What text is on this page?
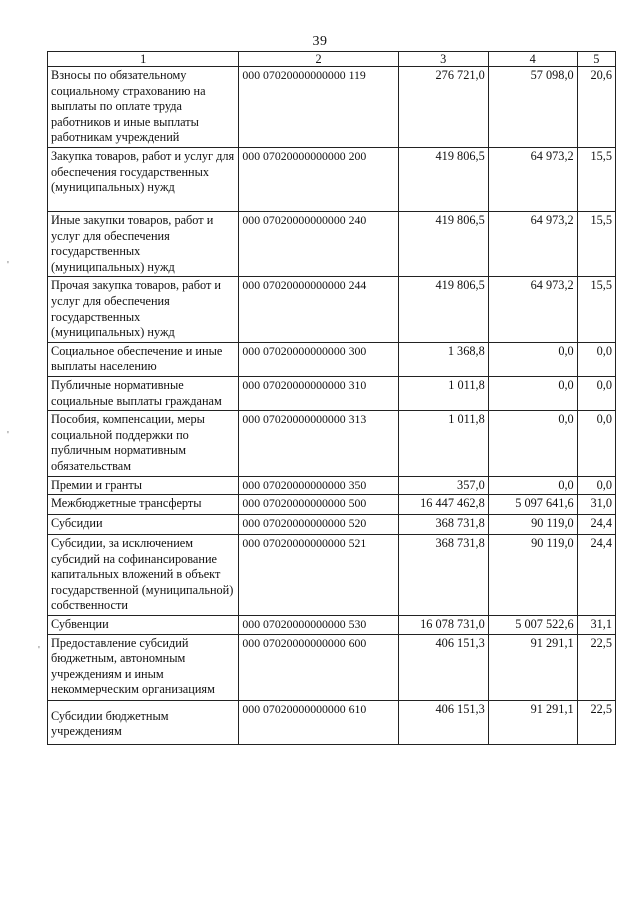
39
'
'
'
1	2	3	4	5
Взносы по обязательному социальному страхованию на выплаты по оплате труда работников и иные выплаты работникам учреждений	000 07020000000000 119	276 721,0	57 098,0	20,6
Закупка товаров, работ и услуг для обеспечения государственных (муниципальных) нужд	000 07020000000000 200	419 806,5	64 973,2	15,5
Иные закупки товаров, работ и услуг для обеспечения государственных (муниципальных) нужд	000 07020000000000 240	419 806,5	64 973,2	15,5
Прочая закупка товаров, работ и услуг для обеспечения государственных (муниципальных) нужд	000 07020000000000 244	419 806,5	64 973,2	15,5
Социальное обеспечение и иные выплаты населению	000 07020000000000 300	1 368,8	0,0	0,0
Публичные нормативные социальные выплаты гражданам	000 07020000000000 310	1 011,8	0,0	0,0
Пособия, компенсации, меры социальной поддержки по публичным нормативным обязательствам	000 07020000000000 313	1 011,8	0,0	0,0
Премии и гранты	000 07020000000000 350	357,0	0,0	0,0
Межбюджетные трансферты	000 07020000000000 500	16 447 462,8	5 097 641,6	31,0
Субсидии	000 07020000000000 520	368 731,8	90 119,0	24,4
Субсидии, за исключением субсидий на софинансирование капитальных вложений в объект государственной (муниципальной) собственности	000 07020000000000 521	368 731,8	90 119,0	24,4
Субвенции	000 07020000000000 530	16 078 731,0	5 007 522,6	31,1
Предоставление субсидий бюджетным, автономным учреждениям и иным некоммерческим организациям	000 07020000000000 600	406 151,3	91 291,1	22,5
Субсидии бюджетным учреждениям	000 07020000000000 610	406 151,3	91 291,1	22,5
